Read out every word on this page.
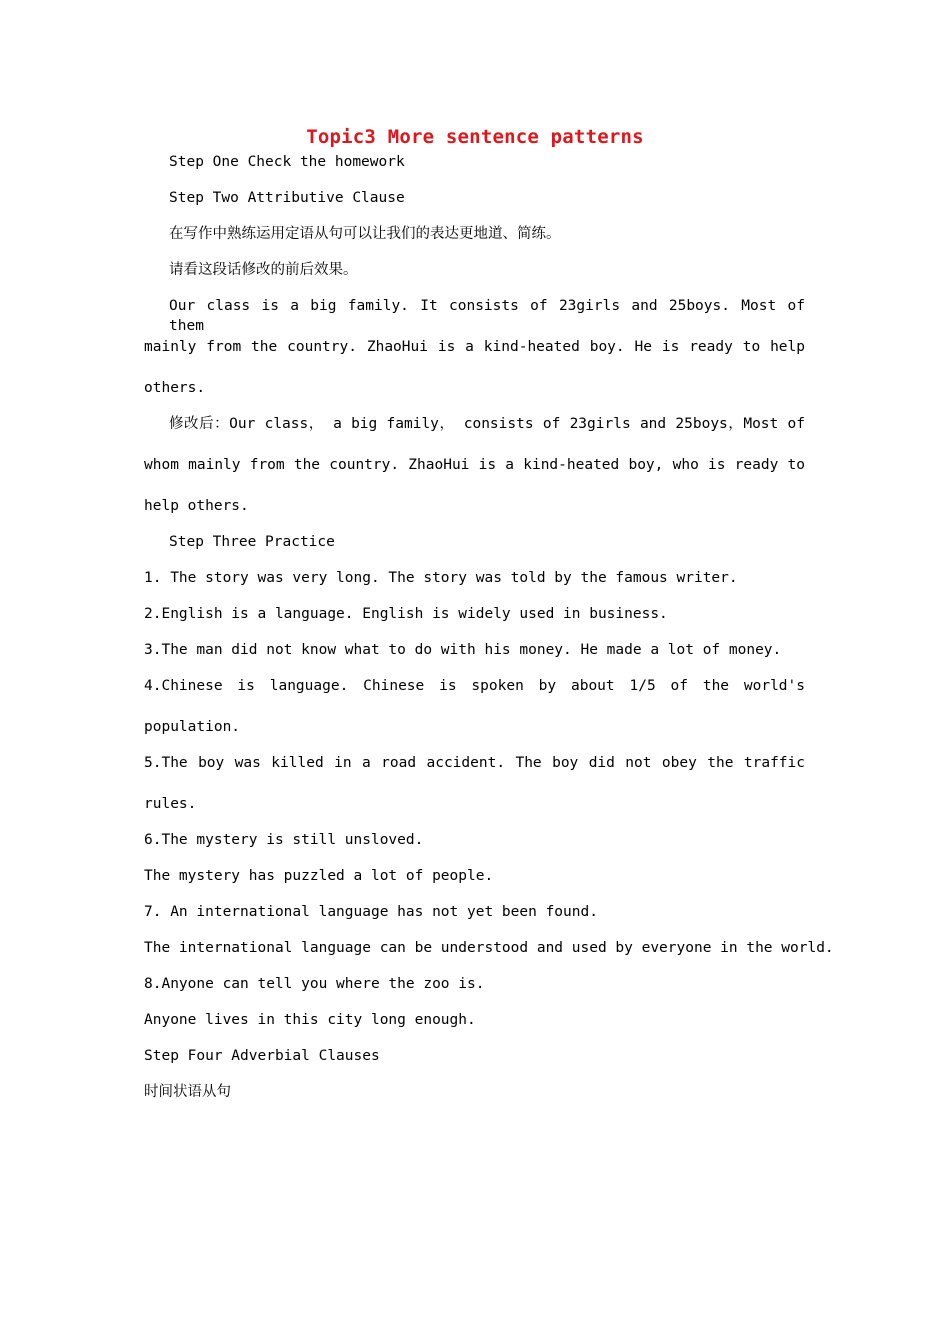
Topic3 More sentence patterns
Step One Check the homework
Step Two Attributive Clause
在写作中熟练运用定语从句可以让我们的表达更地道、简练。
请看这段话修改的前后效果。
Our class is a big family. It consists of 23girls and 25boys. Most of them
mainly from the country. ZhaoHui is a kind-heated boy. He is ready to help
others.
修改后：Our class， a big family， consists of 23girls and 25boys，Most of
whom mainly from the country. ZhaoHui is a kind-heated boy, who is ready to
help others.
Step Three Practice
1. The story was very long. The story was told by the famous writer.
2.English is a language. English is widely used in business.
3.The man did not know what to do with his money. He made a lot of money.
4.Chinese is language. Chinese is spoken by about 1/5 of the world's
population.
5.The boy was killed in a road accident. The boy did not obey the traffic
rules.
6.The mystery is still unsloved.
The mystery has puzzled a lot of people.
7. An international language has not yet been found.
The international language can be understood and used by everyone in the world.
8.Anyone can tell you where the zoo is.
Anyone lives in this city long enough.
Step Four Adverbial Clauses
时间状语从句
